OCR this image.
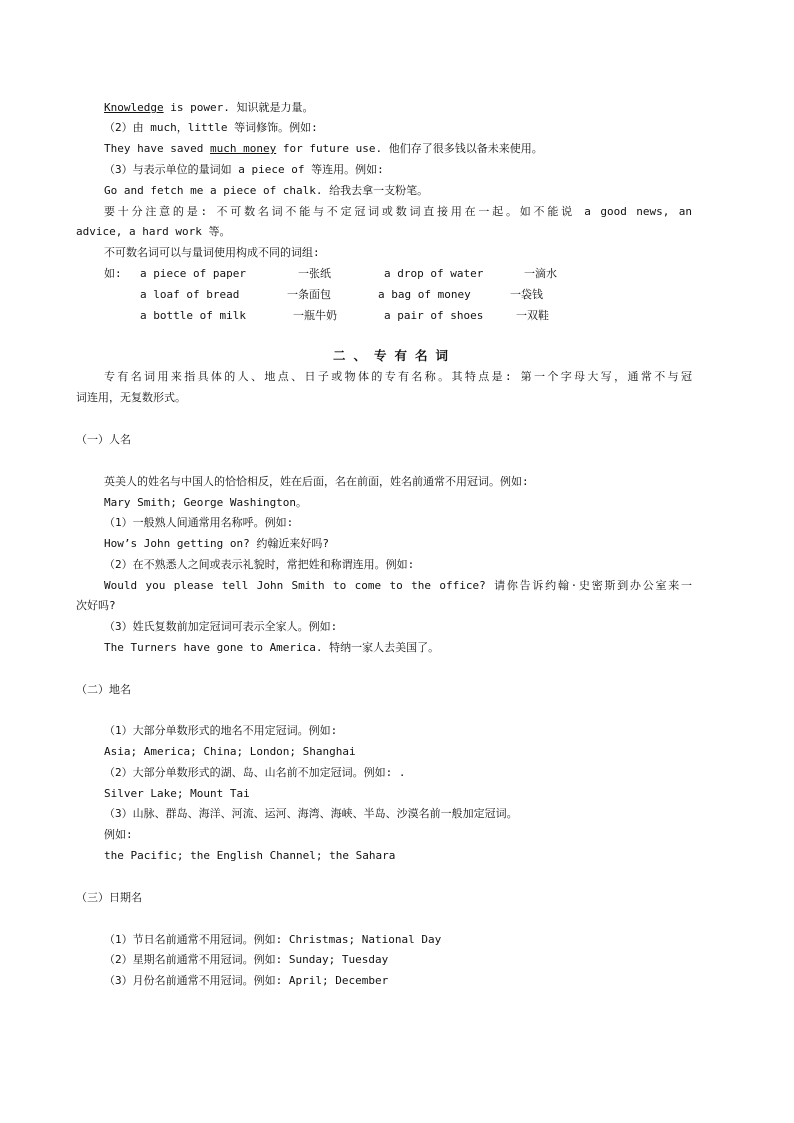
Knowledge is power. 知识就是力量。
（2）由 much，little 等词修饰。例如:
They have saved much money for future use. 他们存了很多钱以备未来使用。
（3）与表示单位的量词如 a piece of 等连用。例如:
Go and fetch me a piece of chalk. 给我去拿一支粉笔。
要十分注意的是: 不可数名词不能与不定冠词或数词直接用在一起。如不能说 a good news, an
advice, a hard work 等。
不可数名词可以与量词使用构成不同的词组:
如: a piece of paper	一张纸	a drop of water	一滴水
a loaf of bread	一条面包	a bag of money	一袋钱
a bottle of milk	一瓶牛奶	a pair of shoes	一双鞋
二、专有名词
专有名词用来指具体的人、地点、日子或物体的专有名称。其特点是: 第一个字母大写，通常不与冠
词连用，无复数形式。
（一）人名
英美人的姓名与中国人的恰恰相反，姓在后面，名在前面，姓名前通常不用冠词。例如:
Mary Smith; George Washington。
（1）一般熟人间通常用名称呼。例如:
How’s John getting on? 约翰近来好吗?
（2）在不熟悉人之间或表示礼貌时，常把姓和称谓连用。例如:
Would you please tell John Smith to come to the office? 请你告诉约翰·史密斯到办公室来一
次好吗?
（3）姓氏复数前加定冠词可表示全家人。例如:
The Turners have gone to America. 特纳一家人去美国了。
（二）地名
（1）大部分单数形式的地名不用定冠词。例如:
Asia; America; China; London; Shanghai
（2）大部分单数形式的湖、岛、山名前不加定冠词。例如: .
Silver Lake; Mount Tai
（3）山脉、群岛、海洋、河流、运河、海湾、海峡、半岛、沙漠名前一般加定冠词。
例如:
the Pacific; the English Channel; the Sahara
（三）日期名
（1）节日名前通常不用冠词。例如: Christmas; National Day
（2）星期名前通常不用冠词。例如: Sunday; Tuesday
（3）月份名前通常不用冠词。例如: April; December
